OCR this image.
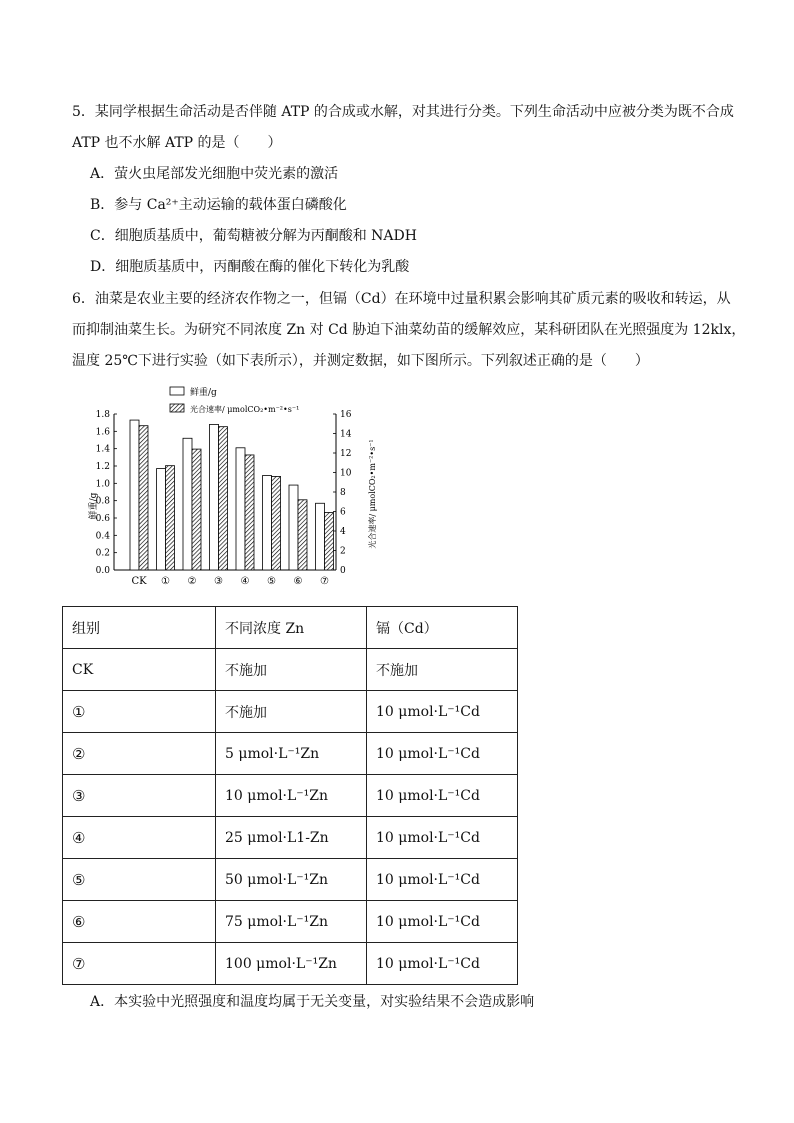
5．某同学根据生命活动是否伴随 ATP 的合成或水解，对其进行分类。下列生命活动中应被分类为既不合成
ATP 也不水解 ATP 的是（　　）
A．萤火虫尾部发光细胞中荧光素的激活
B．参与 Ca²⁺主动运输的载体蛋白磷酸化
C．细胞质基质中，葡萄糖被分解为丙酮酸和 NADH
D．细胞质基质中，丙酮酸在酶的催化下转化为乳酸
6．油菜是农业主要的经济农作物之一，但镉（Cd）在环境中过量积累会影响其矿质元素的吸收和转运，从
而抑制油菜生长。为研究不同浓度 Zn 对 Cd 胁迫下油菜幼苗的缓解效应，某科研团队在光照强度为 12klx，
温度 25℃下进行实验（如下表所示），并测定数据，如下图所示。下列叙述正确的是（　　）
鲜重/g
光合速率/ μmolCO₂•m⁻²•s⁻¹
0.0
0.2
0.4
0.6
0.8
1.0
1.2
1.4
1.6
1.8
0
2
4
6
8
10
12
14
16
鲜重/g	光合速率/ μmolCO₂•m⁻²•s⁻¹
CK ① ② ③ ④ ⑤ ⑥ ⑦
组别	不同浓度 Zn	镉（Cd）
CK	不施加	不施加
①	不施加	10 μmol·L⁻¹Cd
②	5 μmol·L⁻¹Zn	10 μmol·L⁻¹Cd
③	10 μmol·L⁻¹Zn	10 μmol·L⁻¹Cd
④	25 μmol·L1-Zn	10 μmol·L⁻¹Cd
⑤	50 μmol·L⁻¹Zn	10 μmol·L⁻¹Cd
⑥	75 μmol·L⁻¹Zn	10 μmol·L⁻¹Cd
⑦	100 μmol·L⁻¹Zn	10 μmol·L⁻¹Cd
A．本实验中光照强度和温度均属于无关变量，对实验结果不会造成影响
